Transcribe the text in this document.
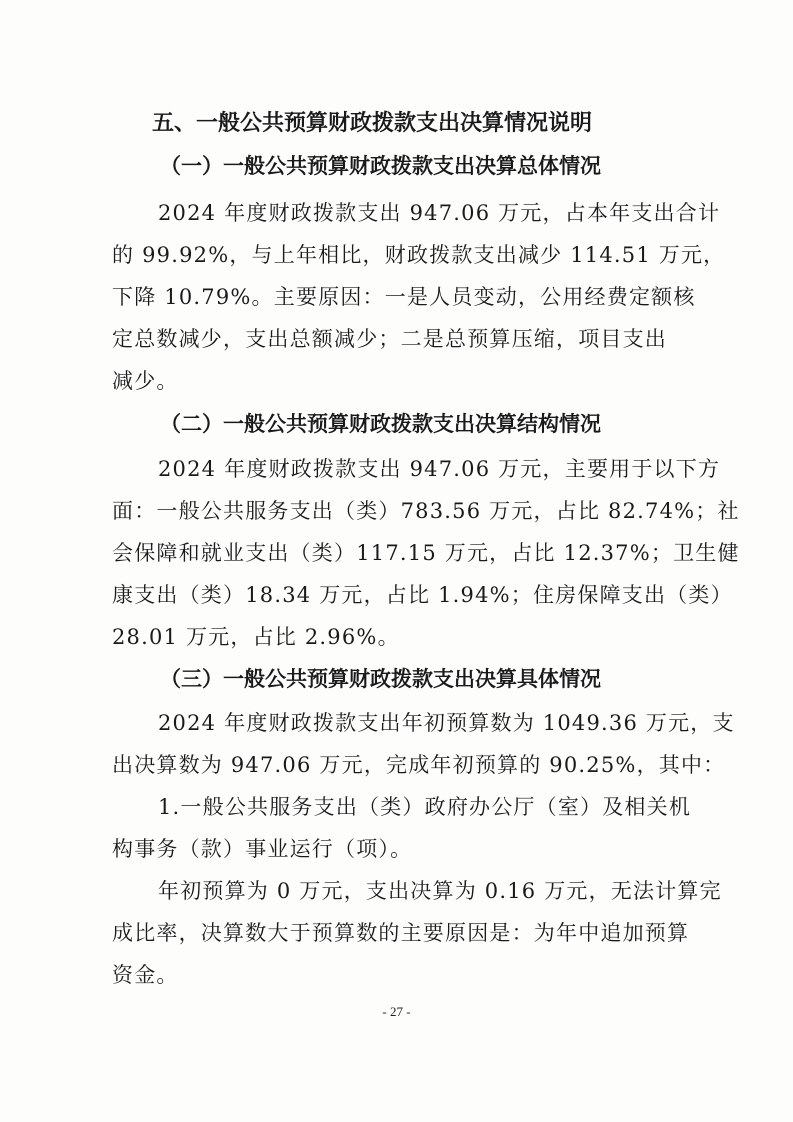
五、一般公共预算财政拨款支出决算情况说明

（一）一般公共预算财政拨款支出决算总体情况

2024 年度财政拨款支出 947.06 万元，占本年支出合计

的 99.92%，与上年相比，财政拨款支出减少 114.51 万元，

下降 10.79%。主要原因：一是人员变动，公用经费定额核

定总数减少，支出总额减少；二是总预算压缩，项目支出

减少。

（二）一般公共预算财政拨款支出决算结构情况

2024 年度财政拨款支出 947.06 万元，主要用于以下方

面：一般公共服务支出（类）783.56 万元，占比 82.74%；社

会保障和就业支出（类）117.15 万元，占比 12.37%；卫生健

康支出（类）18.34 万元，占比 1.94%；住房保障支出（类）

28.01 万元，占比 2.96%。

（三）一般公共预算财政拨款支出决算具体情况

2024 年度财政拨款支出年初预算数为 1049.36 万元，支

出决算数为 947.06 万元，完成年初预算的 90.25%，其中：

1.一般公共服务支出（类）政府办公厅（室）及相关机

构事务（款）事业运行（项）。

年初预算为 0 万元，支出决算为 0.16 万元，无法计算完

成比率，决算数大于预算数的主要原因是：为年中追加预算

资金。

- 27 -
